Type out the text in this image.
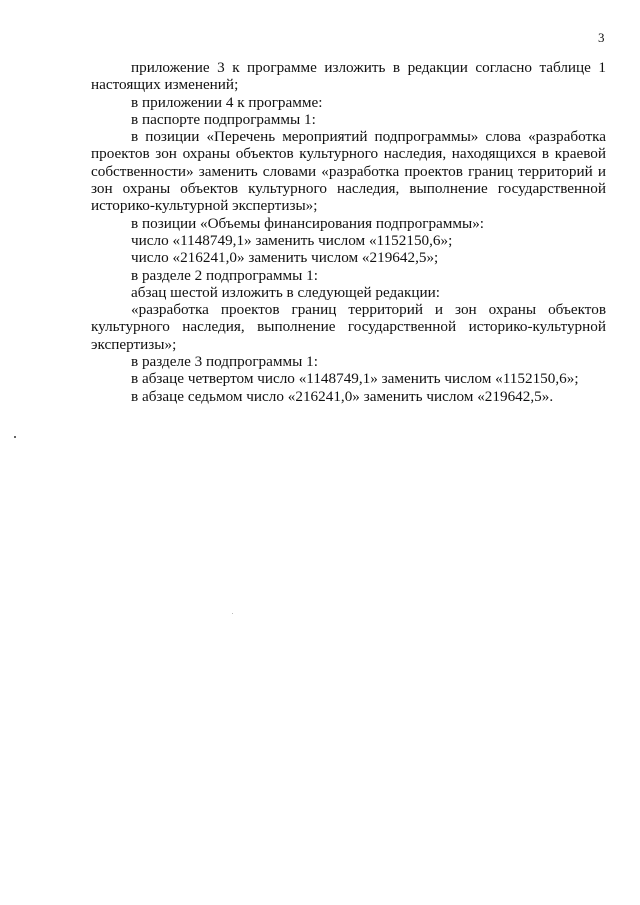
3

приложение 3 к программе изложить в редакции согласно таблице 1 настоящих изменений;

в приложении 4 к программе:

в паспорте подпрограммы 1:

в позиции «Перечень мероприятий подпрограммы» слова «разработка проектов зон охраны объектов культурного наследия, находящихся в краевой собственности» заменить словами «разработка проектов границ территорий и зон охраны объектов культурного наследия, выполнение государственной историко-культурной экспертизы»;

в позиции «Объемы финансирования подпрограммы»:

число «1148749,1» заменить числом «1152150,6»;

число «216241,0» заменить числом «219642,5»;

в разделе 2 подпрограммы 1:

абзац шестой изложить в следующей редакции:

«разработка проектов границ территорий и зон охраны объектов культурного наследия, выполнение государственной историко-культурной экспертизы»;

в разделе 3 подпрограммы 1:

в абзаце четвертом число «1148749,1» заменить числом «1152150,6»;

в абзаце седьмом число «216241,0» заменить числом «219642,5».
